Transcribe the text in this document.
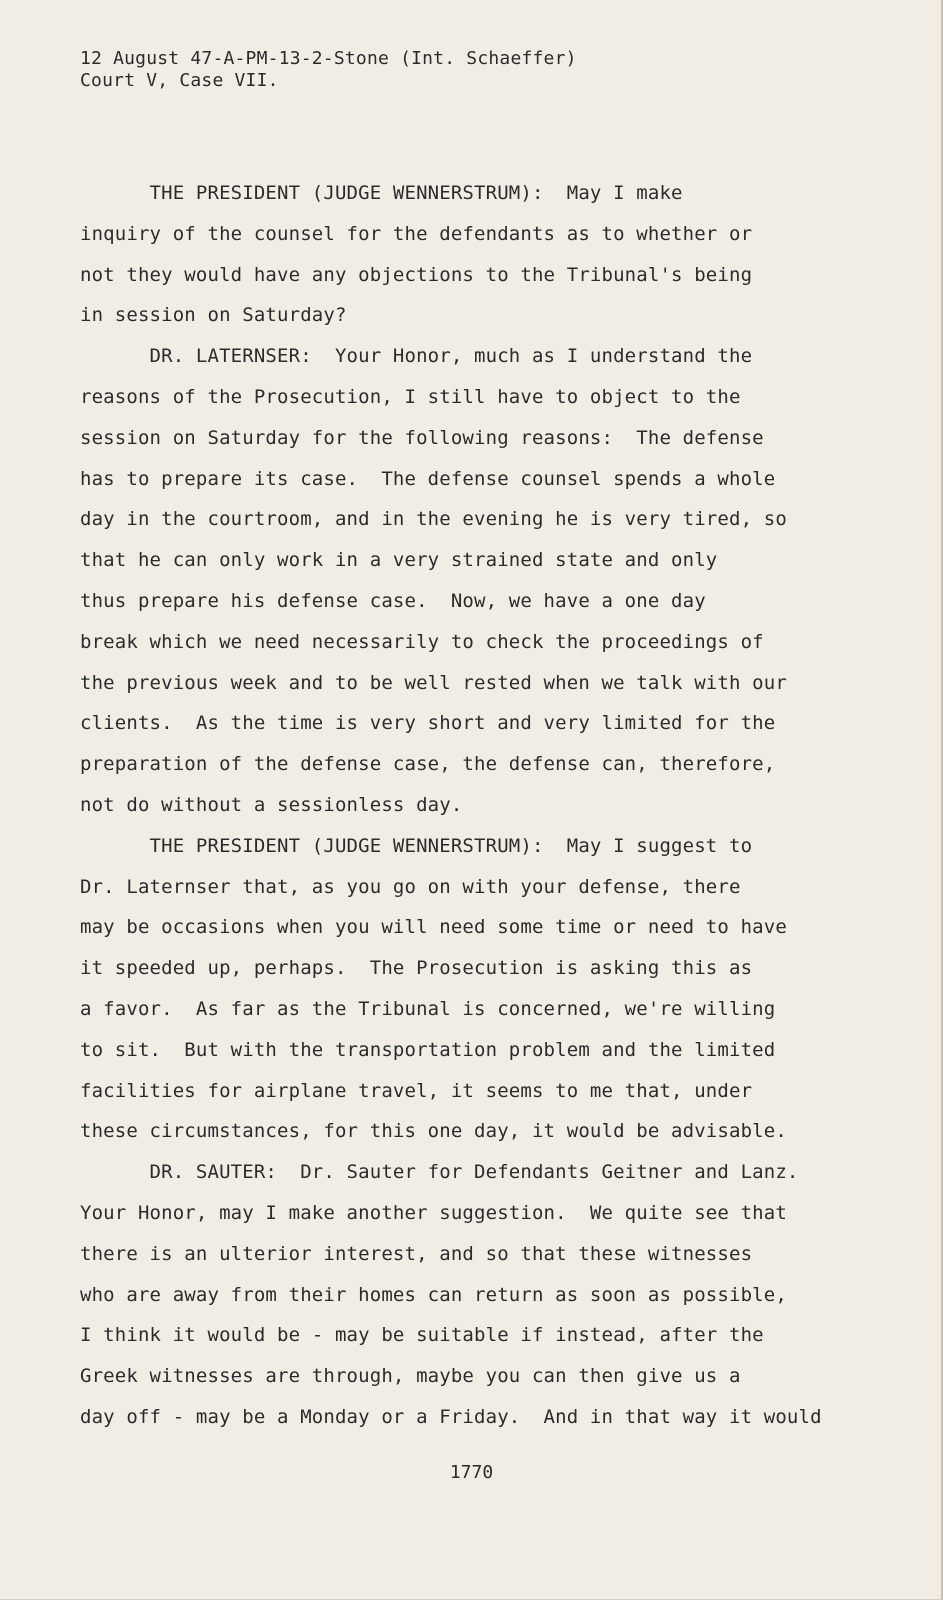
12 August 47-A-PM-13-2-Stone (Int. Schaeffer)
Court V, Case VII.
THE PRESIDENT (JUDGE WENNERSTRUM):  May I make
inquiry of the counsel for the defendants as to whether or
not they would have any objections to the Tribunal's being
in session on Saturday?
DR. LATERNSER:  Your Honor, much as I understand the
reasons of the Prosecution, I still have to object to the
session on Saturday for the following reasons:  The defense
has to prepare its case.  The defense counsel spends a whole
day in the courtroom, and in the evening he is very tired, so
that he can only work in a very strained state and only
thus prepare his defense case.  Now, we have a one day
break which we need necessarily to check the proceedings of
the previous week and to be well rested when we talk with our
clients.  As the time is very short and very limited for the
preparation of the defense case, the defense can, therefore,
not do without a sessionless day.
THE PRESIDENT (JUDGE WENNERSTRUM):  May I suggest to
Dr. Laternser that, as you go on with your defense, there
may be occasions when you will need some time or need to have
it speeded up, perhaps.  The Prosecution is asking this as
a favor.  As far as the Tribunal is concerned, we're willing
to sit.  But with the transportation problem and the limited
facilities for airplane travel, it seems to me that, under
these circumstances, for this one day, it would be advisable.
DR. SAUTER:  Dr. Sauter for Defendants Geitner and Lanz.
Your Honor, may I make another suggestion.  We quite see that
there is an ulterior interest, and so that these witnesses
who are away from their homes can return as soon as possible,
I think it would be - may be suitable if instead, after the
Greek witnesses are through, maybe you can then give us a
day off - may be a Monday or a Friday.  And in that way it would
1770
